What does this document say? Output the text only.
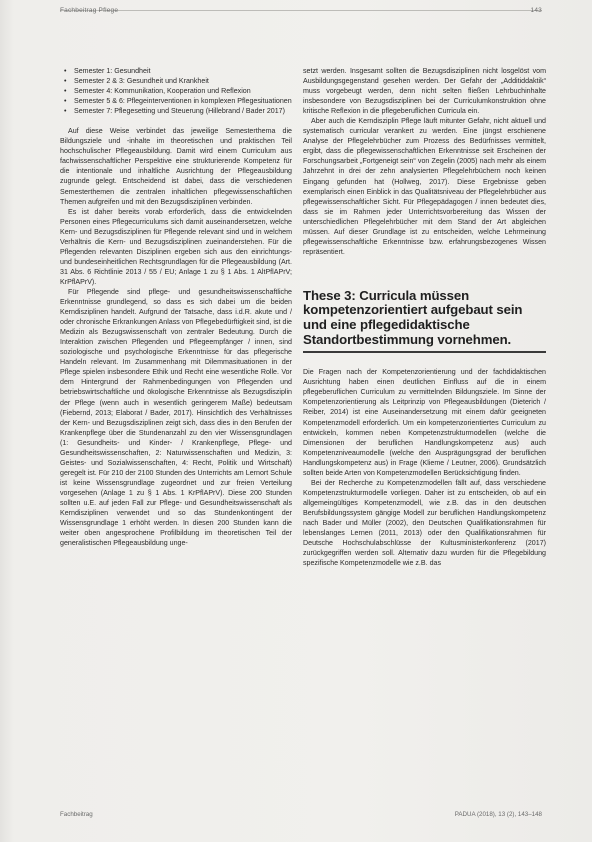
Fachbeitrag Pflege	143
• Semester 1: Gesundheit
• Semester 2 & 3: Gesundheit und Krankheit
• Semester 4: Kommunikation, Kooperation und Reflexion
• Semester 5 & 6: Pflegeinterventionen in komplexen Pflegesituationen
• Semester 7: Pflegesetting und Steuerung (Hillebrand / Bader 2017)

Auf diese Weise verbindet das jeweilige Semesterthema die Bildungsziele und -inhalte im theoretischen und praktischen Teil hochschulischer Pflegeausbildung. Damit wird einem Curriculum aus fachwissenschaftlicher Perspektive eine strukturierende Kompetenz für die intentionale und inhaltliche Ausrichtung der Pflegeausbildung zugrunde gelegt. Entscheidend ist dabei, dass die verschiedenen Semesterthemen die zentralen inhaltlichen pflegewissenschaftlichen Themen aufgreifen und mit den Bezugsdisziplinen verbinden.

Es ist daher bereits vorab erforderlich, dass die entwickelnden Personen eines Pflegecurriculums sich damit auseinandersetzen, welche Kern- und Bezugsdisziplinen für Pflegende relevant sind und in welchem Verhältnis die Kern- und Bezugsdisziplinen zueinanderstehen. Für die Pflegenden relevanten Disziplinen ergeben sich aus den einrichtungs- und bundeseinheitlichen Rechtsgrundlagen für die Pflegeausbildung (Art. 31 Abs. 6 Richtlinie 2013 / 55 / EU; Anlage 1 zu § 1 Abs. 1 AltPflAPrV; KrPflAPrV).

Für Pflegende sind pflege- und gesundheitswissenschaftliche Erkenntnisse grundlegend, so dass es sich dabei um die beiden Kerndisziplinen handelt. Aufgrund der Tatsache, dass i.d.R. akute und / oder chronische Erkrankungen Anlass von Pflegebedürftigkeit sind, ist die Medizin als Bezugswissenschaft von zentraler Bedeutung. Durch die Interaktion zwischen Pflegenden und Pflegeempfänger / innen, sind soziologische und psychologische Erkenntnisse für das pflegerische Handeln relevant. Im Zusammenhang mit Dilemmasituationen in der Pflege spielen insbesondere Ethik und Recht eine wesentliche Rolle. Vor dem Hintergrund der Rahmenbedingungen von Pflegenden und betriebswirtschaftliche und ökologische Erkenntnisse als Bezugsdisziplin der Pflege (wenn auch in wesentlich geringerem Maße) bedeutsam (Fiebernd, 2013; Elaborat / Bader, 2017). Hinsichtlich des Verhältnisses der Kern- und Bezugsdisziplinen zeigt sich, dass dies in den Berufen der Krankenpflege über die Stundenanzahl zu den vier Wissensgrundlagen (1: Gesundheits- und Kinder- / Krankenpflege, Pflege- und Gesundheitswissenschaften, 2: Naturwissenschaften und Medizin, 3: Geistes- und Sozialwissenschaften, 4: Recht, Politik und Wirtschaft) geregelt ist. Für 210 der 2100 Stunden des Unterrichts am Lernort Schule ist keine Wissensgrundlage zugeordnet und zur freien Verteilung vorgesehen (Anlage 1 zu § 1 Abs. 1 KrPflAPrV). Diese 200 Stunden sollten u.E. auf jeden Fall zur Pflege- und Gesundheitswissenschaft als Kerndisziplinen verwendet und so das Stundenkontingent der Wissensgrundlage 1 erhöht werden. In diesen 200 Stunden kann die weiter oben angesprochene Profilbildung im theoretischen Teil der generalistischen Pflegeausbildung unge-

setzt werden. Insgesamt sollten die Bezugsdisziplinen nicht losgelöst vom Ausbildungsgegenstand gesehen werden. Der Gefahr der „Additiddaktik“ muss vorgebeugt werden, denn nicht selten fließen Lehrbuchinhalte insbesondere von Bezugsdisziplinen bei der Curriculumkonstruktion ohne kritische Reflexion in die pflegeberuflichen Curricula ein.

Aber auch die Kerndisziplin Pflege läuft mitunter Gefahr, nicht aktuell und systematisch curricular verankert zu werden. Eine jüngst erschienene Analyse der Pflegelehrbücher zum Prozess des Bedürfnisses vermittelt, ergibt, dass die pflegewissenschaftlichen Erkenntnisse seit Erscheinen der Forschungsarbeit „Fortgeneigt sein“ von Zegelin (2005) nach mehr als einem Jahrzehnt in drei der zehn analysierten Pflegelehrbüchern noch keinen Eingang gefunden hat (Hollweg, 2017). Diese Ergebnisse geben exemplarisch einen Einblick in das Qualitätsniveau der Pflegelehrbücher aus pflegewissenschaftlicher Sicht. Für Pflegepädagogen / innen bedeutet dies, dass sie im Rahmen jeder Unterrichtsvorbereitung das Wissen der unterschiedlichen Pflegelehrbücher mit dem Stand der Art abgleichen müssen. Auf dieser Grundlage ist zu entscheiden, welche Lehrmeinung pflegewissenschaftliche Erkenntnisse bzw. erfahrungsbezogenes Wissen repräsentiert.

These 3: Curricula müssen kompetenzorientiert aufgebaut sein und eine pflegedidaktische Standortbestimmung vornehmen.

Die Fragen nach der Kompetenzorientierung und der fachdidaktischen Ausrichtung haben einen deutlichen Einfluss auf die in einem pflegeberuflichen Curriculum zu vermittelnden Bildungsziele. Im Sinne der Kompetenzorientierung als Leitprinzip von Pflegeausbildungen (Dieterich / Reiber, 2014) ist eine Auseinandersetzung mit einem dafür geeigneten Kompetenzmodell erforderlich. Um ein kompetenzorientiertes Curriculum zu entwickeln, kommen neben Kompetenzstrukturmodellen (welche die Dimensionen der beruflichen Handlungskompetenz aus) auch Kompetenzniveaumodelle (welche den Ausprägungsgrad der beruflichen Handlungskompetenz aus) in Frage (Klieme / Leutner, 2006). Grundsätzlich sollten beide Arten von Kompetenzmodellen Berücksichtigung finden.

Bei der Recherche zu Kompetenzmodellen fällt auf, dass verschiedene Kompetenzstrukturmodelle vorliegen. Daher ist zu entscheiden, ob auf ein allgemeingültiges Kompetenzmodell, wie z.B. das in den deutschen Berufsbildungssystem gängige Modell zur beruflichen Handlungskompetenz nach Bader und Müller (2002), den Deutschen Qualifikationsrahmen für lebenslanges Lernen (2011, 2013) oder den Qualifikationsrahmen für Deutsche Hochschulabschlüsse der Kultusministerkonferenz (2017) zurückgegriffen werden soll. Alternativ dazu wurden für die Pflegebildung spezifische Kompetenzmodelle wie z.B. das

Fachbeitrag	PADUA (2018), 13 (2), 143–148
